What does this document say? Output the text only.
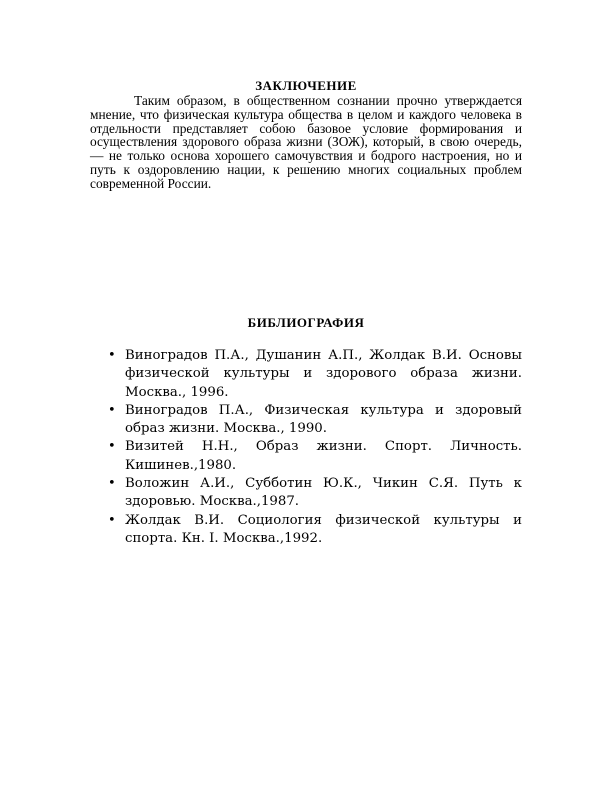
ЗАКЛЮЧЕНИЕ

Таким образом, в общественном сознании прочно утверждается мнение, что физическая культура общества в целом и каждого человека в отдельности представляет собою базовое условие формирования и осуществления здорового образа жизни (ЗОЖ), который, в свою очередь, — не только основа хорошего самочувствия и бодрого настроения, но и путь к оздоровлению нации, к решению многих социальных проблем современной России.

БИБЛИОГРАФИЯ
• Виноградов П.А., Душанин А.П., Жолдак В.И. Основы физической культуры и здорового образа жизни. Москва., 1996.
• Виноградов П.А., Физическая культура и здоровый образ жизни. Москва., 1990.
• Визитей Н.Н., Образ жизни. Спорт. Личность. Кишинев.,1980.
• Воложин А.И., Субботин Ю.К., Чикин С.Я. Путь к здоровью. Москва.,1987.
• Жолдак В.И. Социология физической культуры и спорта. Кн. I. Москва.,1992.
